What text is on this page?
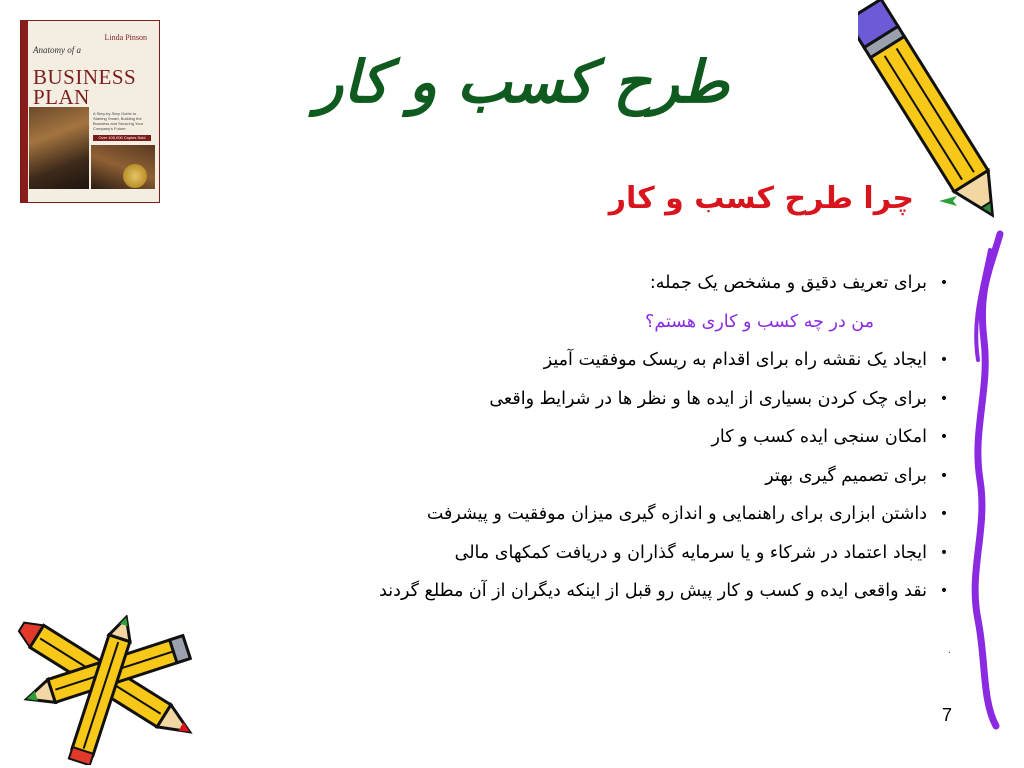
Linda Pinson
Anatomy of a
BUSINESS
PLAN
A Step-by-Step Guide to Starting Smart, Building the Business and Securing Your Company's Future
Over 100,000 Copies Sold
Author of the SBA publication How to Write a Business Plan
طرح کسب و کار
چرا طرح کسب و کار
•
برای تعریف دقیق و مشخص یک جمله:
من در چه کسب و کاری هستم؟
•
ایجاد یک نقشه راه برای اقدام به ریسک موفقیت آمیز
•
برای چک کردن بسیاری از ایده ها و نظر ها در شرایط واقعی
•
امکان سنجی ایده کسب و کار
•
برای تصمیم گیری بهتر
•
داشتن ابزاری برای راهنمایی و اندازه گیری میزان موفقیت و پیشرفت
•
ایجاد اعتماد در شرکاء و یا سرمایه گذاران و دریافت کمکهای مالی
•
نقد واقعی ایده و کسب و کار پیش رو قبل از اینکه دیگران از آن مطلع گردند
.
7
